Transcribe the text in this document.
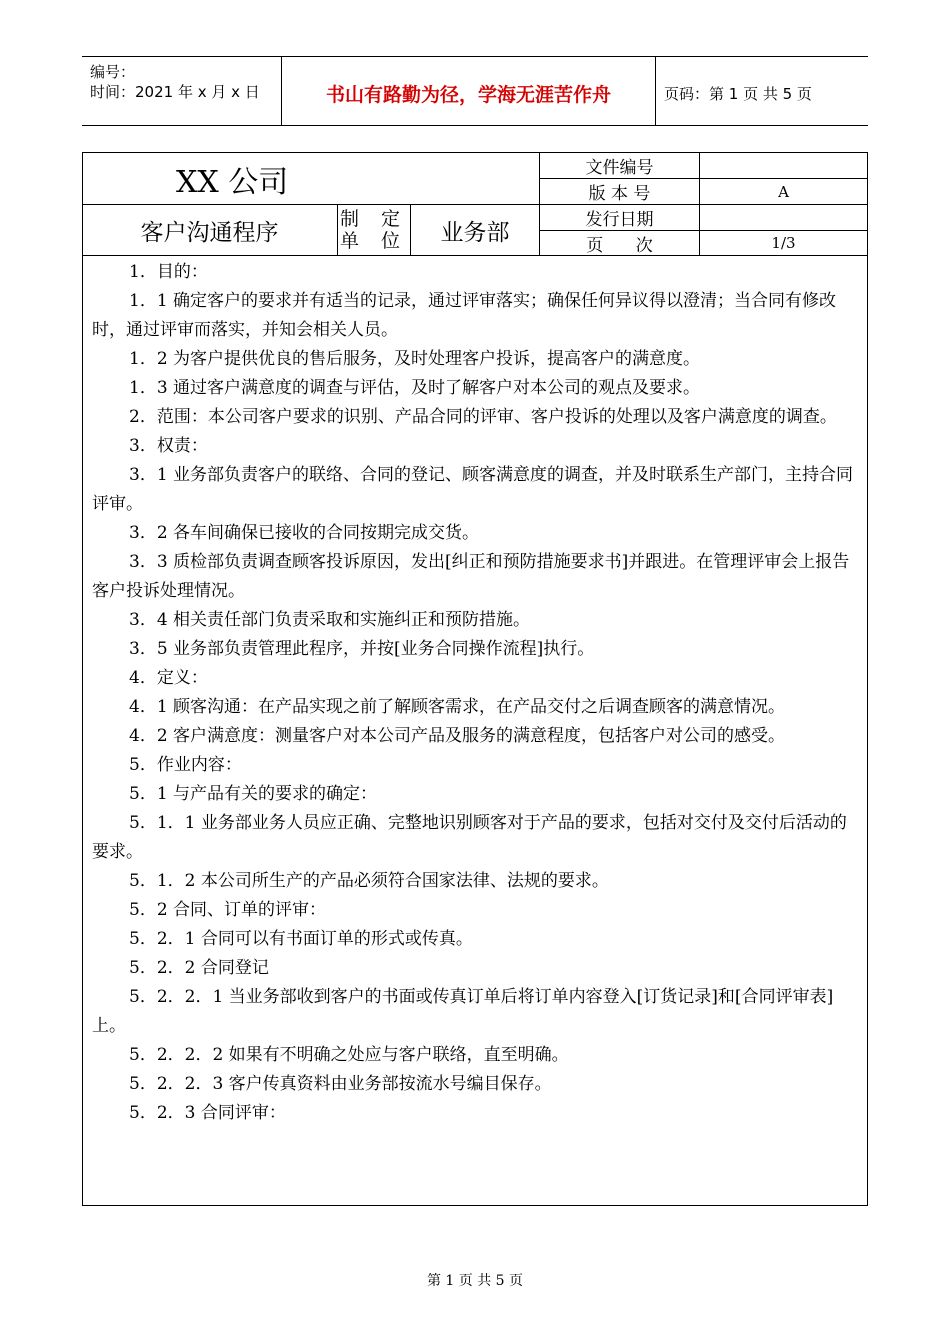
编号：
时间：2021 年 x 月 x 日	书山有路勤为径，学海无涯苦作舟	页码：第 1 页 共 5 页
XX 公司
客户沟通程序
制 定
单 位	业务部
文件编号
版 本 号	A
发行日期
页      次	1/3

1．目的：

1．1 确定客户的要求并有适当的记录，通过评审落实；确保任何异议得以澄清；当合同有修改时，通过评审而落实，并知会相关人员。

1．2 为客户提供优良的售后服务，及时处理客户投诉，提高客户的满意度。

1．3 通过客户满意度的调查与评估，及时了解客户对本公司的观点及要求。

2．范围：本公司客户要求的识别、产品合同的评审、客户投诉的处理以及客户满意度的调查。

3．权责：

3．1 业务部负责客户的联络、合同的登记、顾客满意度的调查，并及时联系生产部门，主持合同评审。

3．2 各车间确保已接收的合同按期完成交货。

3．3 质检部负责调查顾客投诉原因，发出[纠正和预防措施要求书]并跟进。在管理评审会上报告客户投诉处理情况。

3．4 相关责任部门负责采取和实施纠正和预防措施。

3．5 业务部负责管理此程序，并按[业务合同操作流程]执行。

4．定义：

4．1 顾客沟通：在产品实现之前了解顾客需求，在产品交付之后调查顾客的满意情况。

4．2 客户满意度：测量客户对本公司产品及服务的满意程度，包括客户对公司的感受。

5．作业内容：

5．1 与产品有关的要求的确定：

5．1．1 业务部业务人员应正确、完整地识别顾客对于产品的要求，包括对交付及交付后活动的要求。

5．1．2 本公司所生产的产品必须符合国家法律、法规的要求。

5．2 合同、订单的评审：

5．2．1 合同可以有书面订单的形式或传真。

5．2．2 合同登记

5．2．2．1 当业务部收到客户的书面或传真订单后将订单内容登入[订货记录]和[合同评审表]上。

5．2．2．2 如果有不明确之处应与客户联络，直至明确。

5．2．2．3 客户传真资料由业务部按流水号编目保存。

5．2．3 合同评审：

第 1 页 共 5 页
